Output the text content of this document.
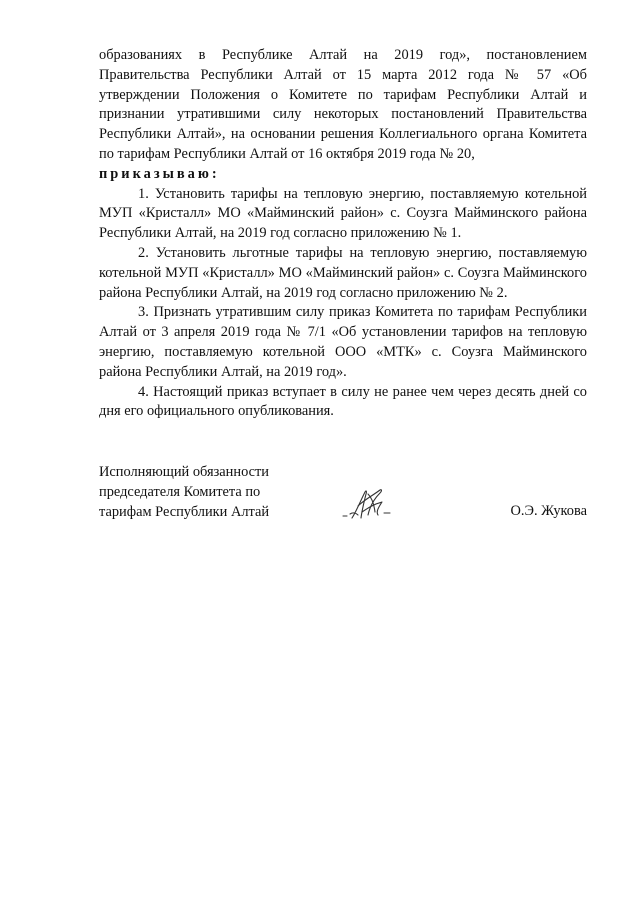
образованиях в Республике Алтай на 2019 год», постановлением Правительства Республики Алтай от 15 марта 2012 года № 57 «Об утверждении Положения о Комитете по тарифам Республики Алтай и признании утратившими силу некоторых постановлений Правительства Республики Алтай», на основании решения Коллегиального органа Комитета по тарифам Республики Алтай от 16 октября 2019 года № 20,

приказываю:

1. Установить тарифы на тепловую энергию, поставляемую котельной МУП «Кристалл» МО «Майминский район» с. Соузга Майминского района Республики Алтай, на 2019 год согласно приложению № 1.

2. Установить льготные тарифы на тепловую энергию, поставляемую котельной МУП «Кристалл» МО «Майминский район» с. Соузга Майминского района Республики Алтай, на 2019 год согласно приложению № 2.

3. Признать утратившим силу приказ Комитета по тарифам Республики Алтай от 3 апреля 2019 года № 7/1 «Об установлении тарифов на тепловую энергию, поставляемую котельной ООО «МТК» с. Соузга Майминского района Республики Алтай, на 2019 год».

4. Настоящий приказ вступает в силу не ранее чем через десять дней со дня его официального опубликования.

Исполняющий обязанности
председателя Комитета по
тарифам Республики Алтай	О.Э. Жукова
